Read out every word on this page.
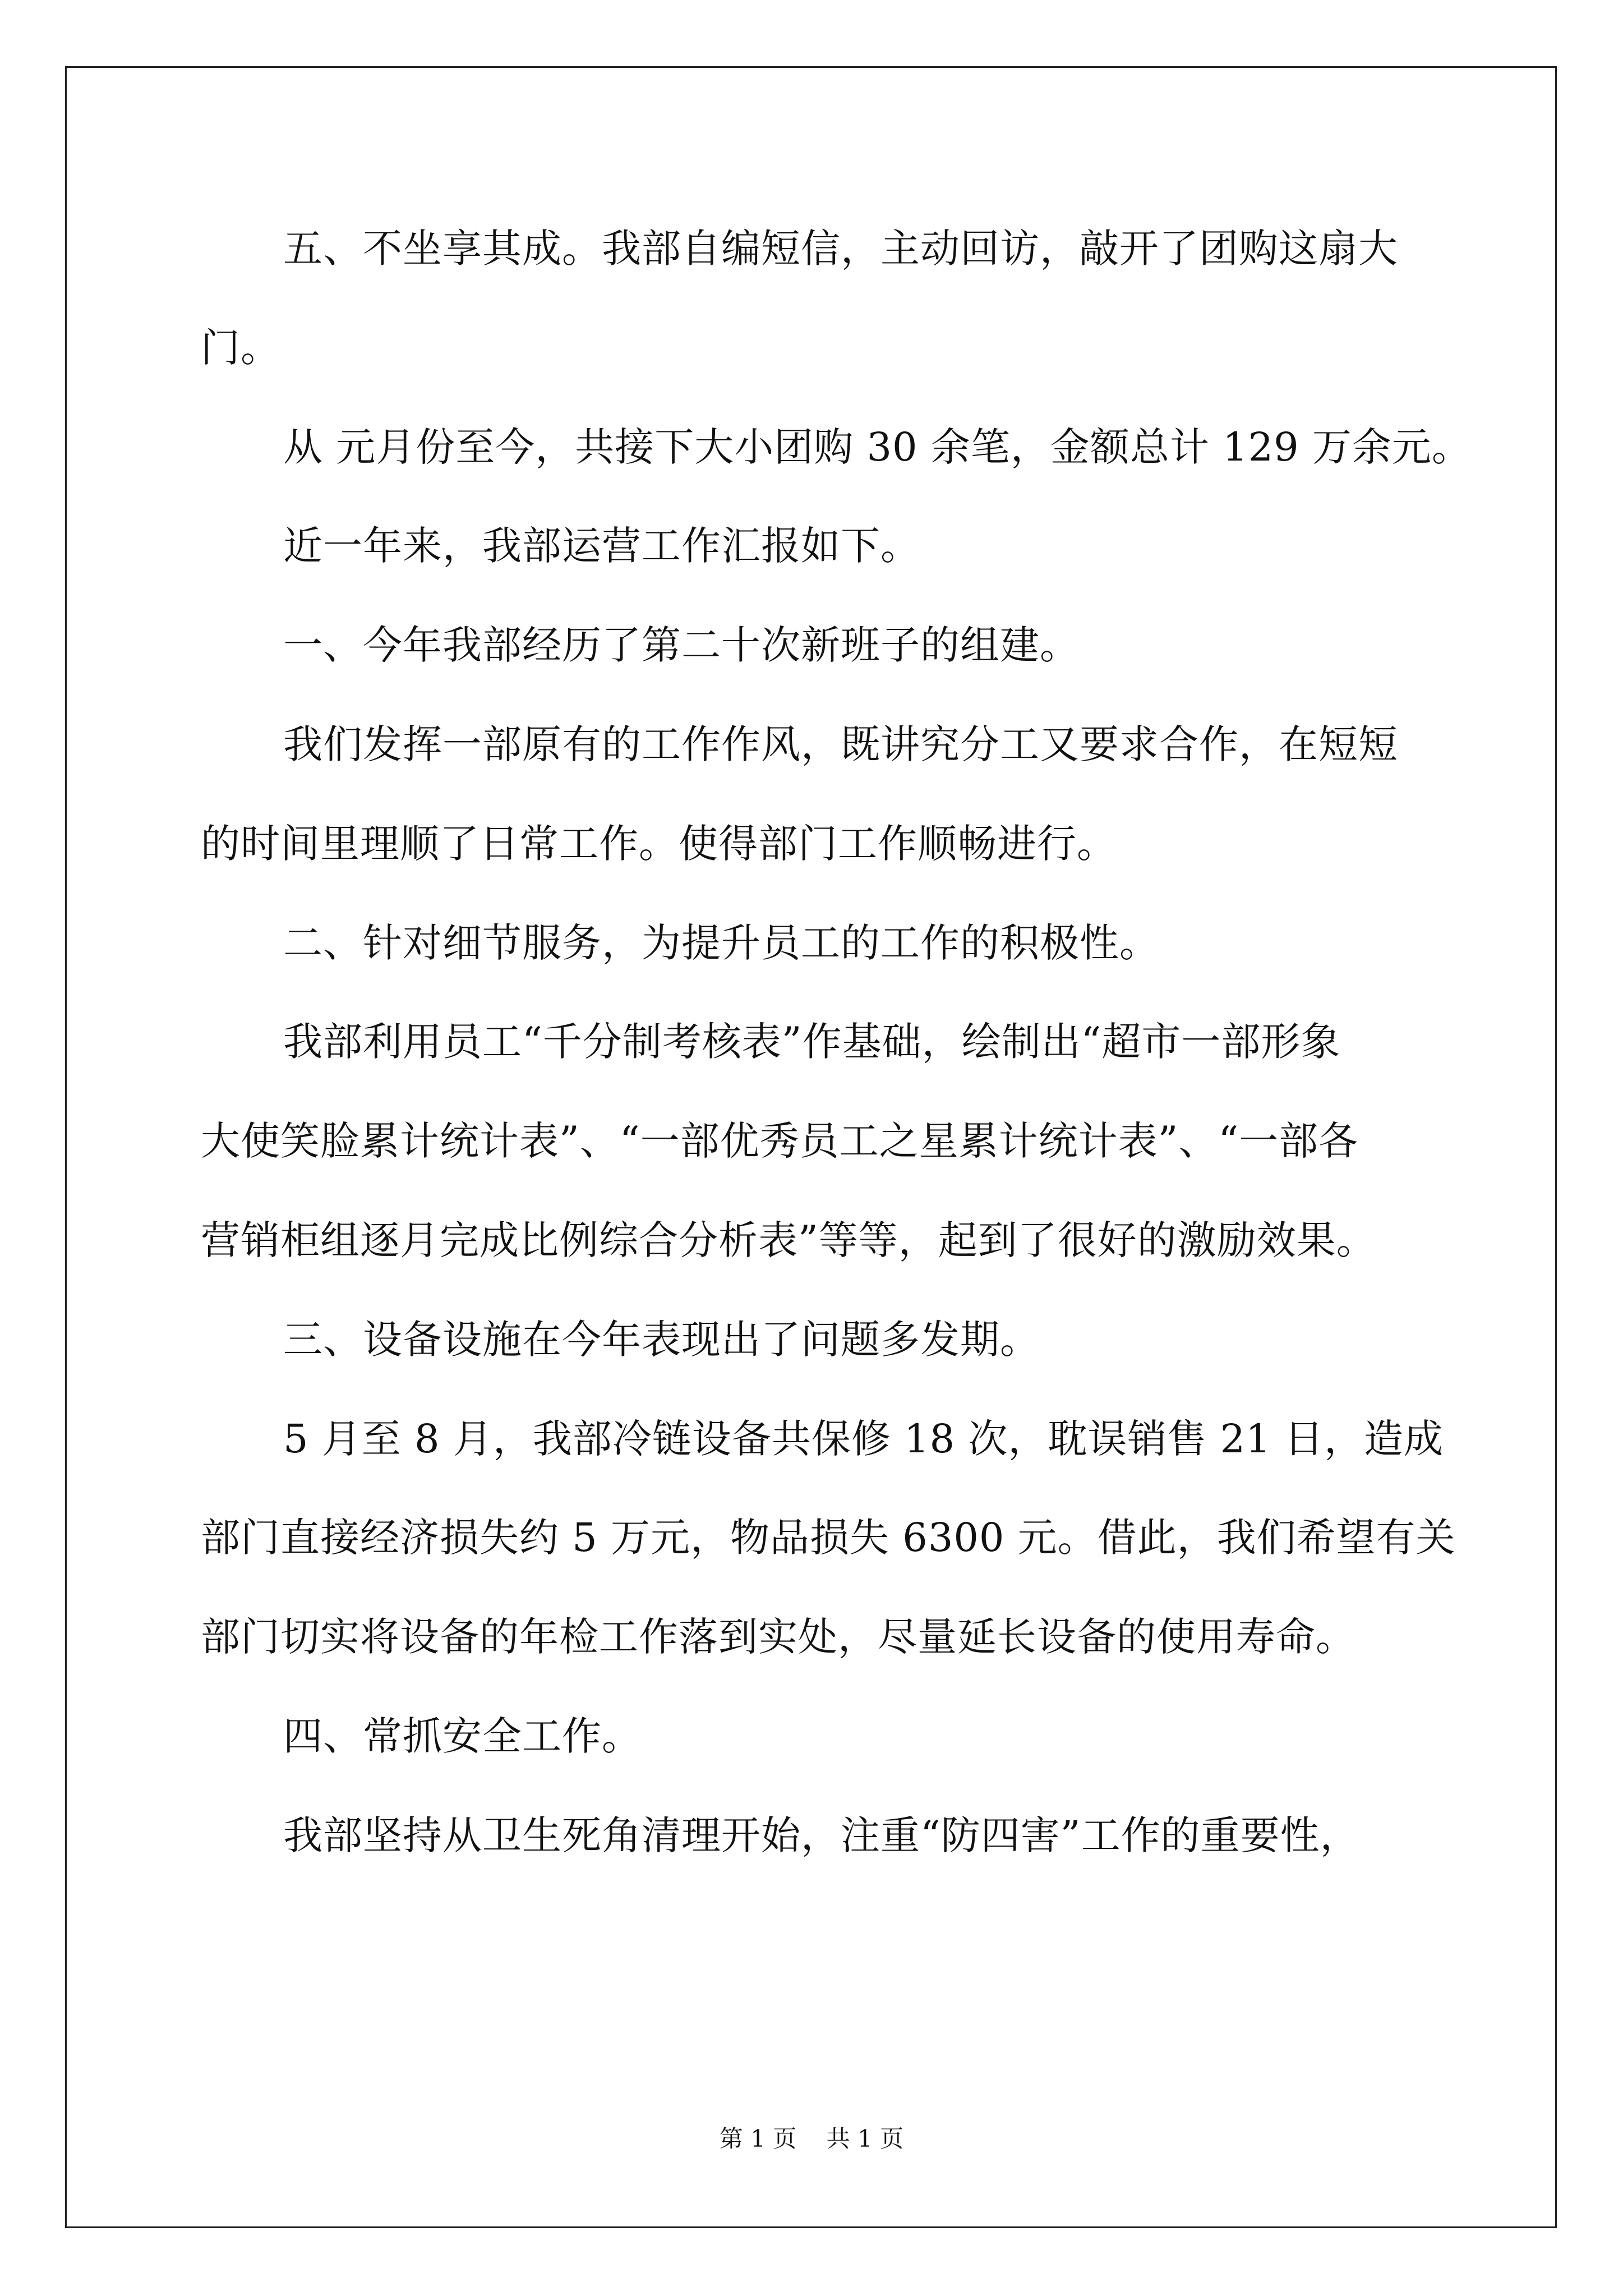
五、不坐享其成。我部自编短信，主动回访，敲开了团购这扇大
门。
从 元月份至今，共接下大小团购 30 余笔，金额总计 129 万余元。
近一年来，我部运营工作汇报如下。
一、今年我部经历了第二十次新班子的组建。
我们发挥一部原有的工作作风，既讲究分工又要求合作，在短短
的时间里理顺了日常工作。使得部门工作顺畅进行。
二、针对细节服务，为提升员工的工作的积极性。
我部利用员工“千分制考核表”作基础，绘制出“超市一部形象
大使笑脸累计统计表”、“一部优秀员工之星累计统计表”、“一部各
营销柜组逐月完成比例综合分析表”等等，起到了很好的激励效果。
三、设备设施在今年表现出了问题多发期。
5 月至 8 月，我部冷链设备共保修 18 次，耽误销售 21 日，造成
部门直接经济损失约 5 万元，物品损失 6300 元。借此，我们希望有关
部门切实将设备的年检工作落到实处，尽量延长设备的使用寿命。
四、常抓安全工作。
我部坚持从卫生死角清理开始，注重“防四害”工作的重要性，
第 1 页 共 1 页
